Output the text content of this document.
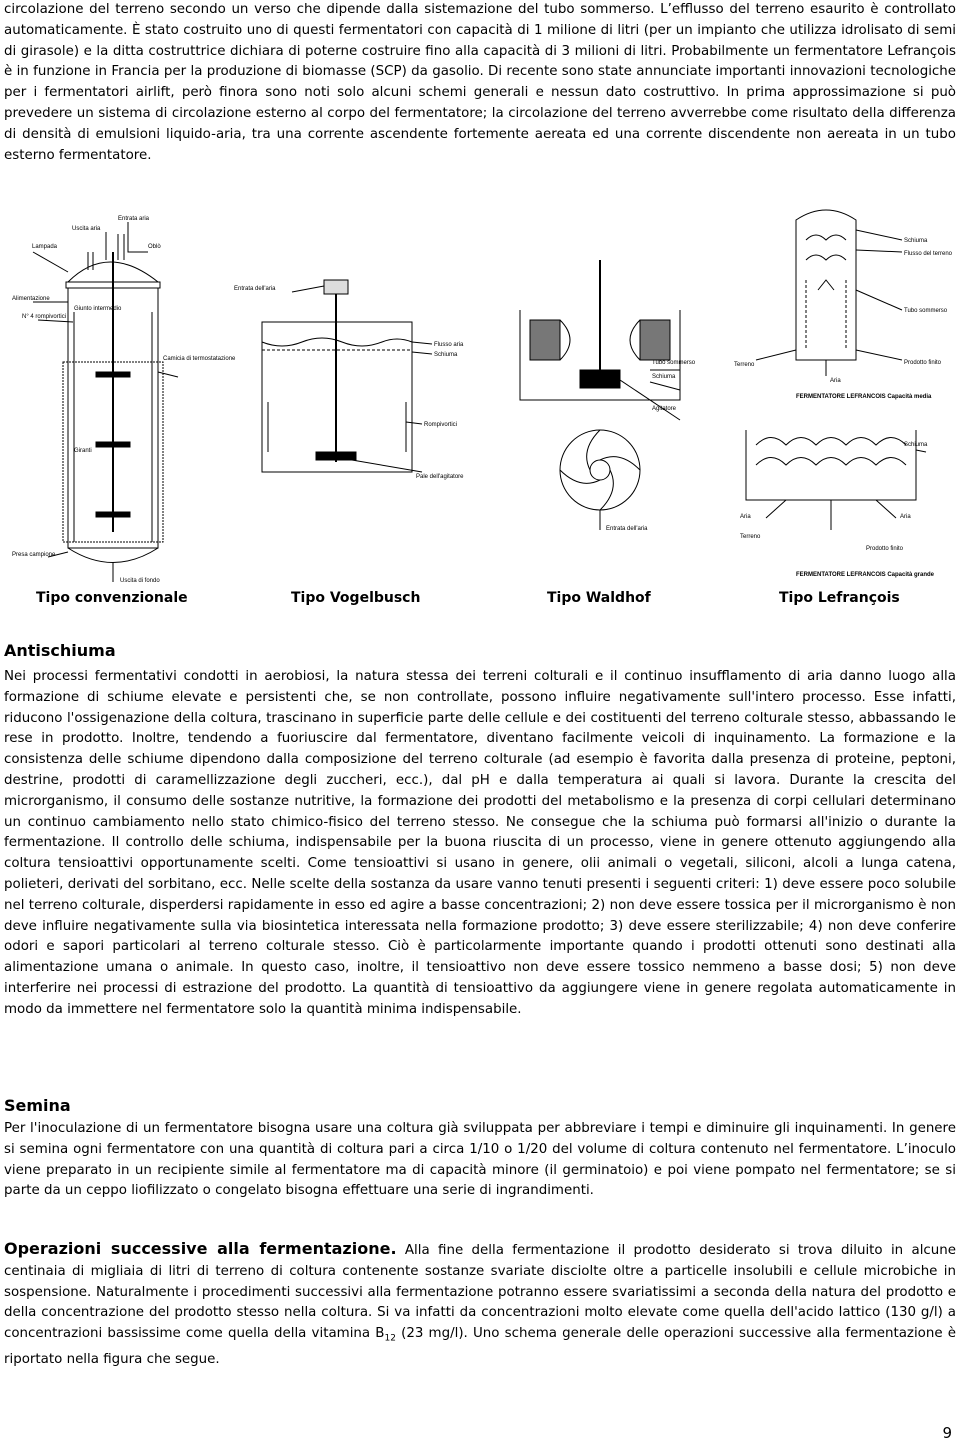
circolazione del terreno secondo un verso che dipende dalla sistemazione del tubo sommerso. L’efflusso del terreno esaurito è controllato automaticamente. È stato costruito uno di questi fermentatori con capacità di 1 milione di litri (per un impianto che utilizza idrolisato di semi di girasole) e la ditta costruttrice dichiara di poterne costruire fino alla capacità di 3 milioni di litri. Probabilmente un fermentatore Lefrançois è in funzione in Francia per la produzione di biomasse (SCP) da gasolio. Di recente sono state annunciate importanti innovazioni tecnologiche per i fermentatori airlift, però finora sono noti solo alcuni schemi generali e nessun dato costruttivo. In prima approssimazione si può prevedere un sistema di circolazione esterno al corpo del fermentatore; la circolazione del terreno avverrebbe come risultato della differenza di densità di emulsioni liquido-aria, tra una corrente ascendente fortemente aereata ed una corrente discendente non aereata in un tubo esterno fermentatore.

Uscita aria
Entrata aria
Lampada	Oblò
Alimentazione
Giunto intermedio
N° 4 rompivortici
Camicia di termostatazione
Giranti
Presa campione
Uscita di fondo
Entrata dell'aria
Flusso aria
Schiuma
Rompivortici
Pale dell'agitatore
Tubo sommerso
Schiuma
Agitatore
Entrata dell'aria
Schiuma
Flusso del terreno
Tubo sommerso
Terreno	Prodotto finito
Aria
FERMENTATORE LEFRANCOIS Capacità media
Schiuma
Aria	Aria
Terreno
Prodotto finito
FERMENTATORE LEFRANCOIS Capacità grande
Tipo convenzionale	Tipo Vogelbusch	Tipo Waldhof	Tipo Lefrançois
Antischiuma

Nei processi fermentativi condotti in aerobiosi, la natura stessa dei terreni colturali e il continuo insufflamento di aria danno luogo alla formazione di schiume elevate e persistenti che, se non controllate, possono influire negativamente sull'intero processo. Esse infatti, riducono l'ossigenazione della coltura, trascinano in superficie parte delle cellule e dei costituenti del terreno colturale stesso, abbassando le rese in prodotto. Inoltre, tendendo a fuoriuscire dal fermentatore, diventano facilmente veicoli di inquinamento. La formazione e la consistenza delle schiume dipendono dalla composizione del terreno colturale (ad esempio è favorita dalla presenza di proteine, peptoni, destrine, prodotti di caramellizzazione degli zuccheri, ecc.), dal pH e dalla temperatura ai quali si lavora. Durante la crescita del microrganismo, il consumo delle sostanze nutritive, la formazione dei prodotti del metabolismo e la presenza di corpi cellulari determinano un continuo cambiamento nello stato chimico-fisico del terreno stesso. Ne consegue che la schiuma può formarsi all'inizio o durante la fermentazione. Il controllo delle schiuma, indispensabile per la buona riuscita di un processo, viene in genere ottenuto aggiungendo alla coltura tensioattivi opportunamente scelti. Come tensioattivi si usano in genere, olii animali o vegetali, siliconi, alcoli a lunga catena, polieteri, derivati del sorbitano, ecc. Nelle scelte della sostanza da usare vanno tenuti presenti i seguenti criteri: 1) deve essere poco solubile nel terreno colturale, disperdersi rapidamente in esso ed agire a basse concentrazioni; 2) non deve essere tossica per il microrganismo è non deve influire negativamente sulla via biosintetica interessata nella formazione prodotto; 3) deve essere sterilizzabile; 4) non deve conferire odori e sapori particolari al terreno colturale stesso. Ciò è particolarmente importante quando i prodotti ottenuti sono destinati alla alimentazione umana o animale. In questo caso, inoltre, il tensioattivo non deve essere tossico nemmeno a basse dosi; 5) non deve interferire nei processi di estrazione del prodotto. La quantità di tensioattivo da aggiungere viene in genere regolata automaticamente in modo da immettere nel fermentatore solo la quantità minima indispensabile.

Semina

Per l'inoculazione di un fermentatore bisogna usare una coltura già sviluppata per abbreviare i tempi e diminuire gli inquinamenti. In genere si semina ogni fermentatore con una quantità di coltura pari a circa 1/10 o 1/20 del volume di coltura contenuto nel fermentatore. L’inoculo viene preparato in un recipiente simile al fermentatore ma di capacità minore (il germinatoio) e poi viene pompato nel fermentatore; se si parte da un ceppo liofilizzato o congelato bisogna effettuare una serie di ingrandimenti.

Operazioni successive alla fermentazione. Alla fine della fermentazione il prodotto desiderato si trova diluito in alcune centinaia di migliaia di litri di terreno di coltura contenente sostanze svariate disciolte oltre a particelle insolubili e cellule microbiche in sospensione. Naturalmente i procedimenti successivi alla fermentazione potranno essere svariatissimi a seconda della natura del prodotto e della concentrazione del prodotto stesso nella coltura. Si va infatti da concentrazioni molto elevate come quella dell'acido lattico (130 g/l) a concentrazioni bassissime come quella della vitamina $B_{12}$ (23 mg/l). Uno schema generale delle operazioni successive alla fermentazione è riportato nella figura che segue.

9
